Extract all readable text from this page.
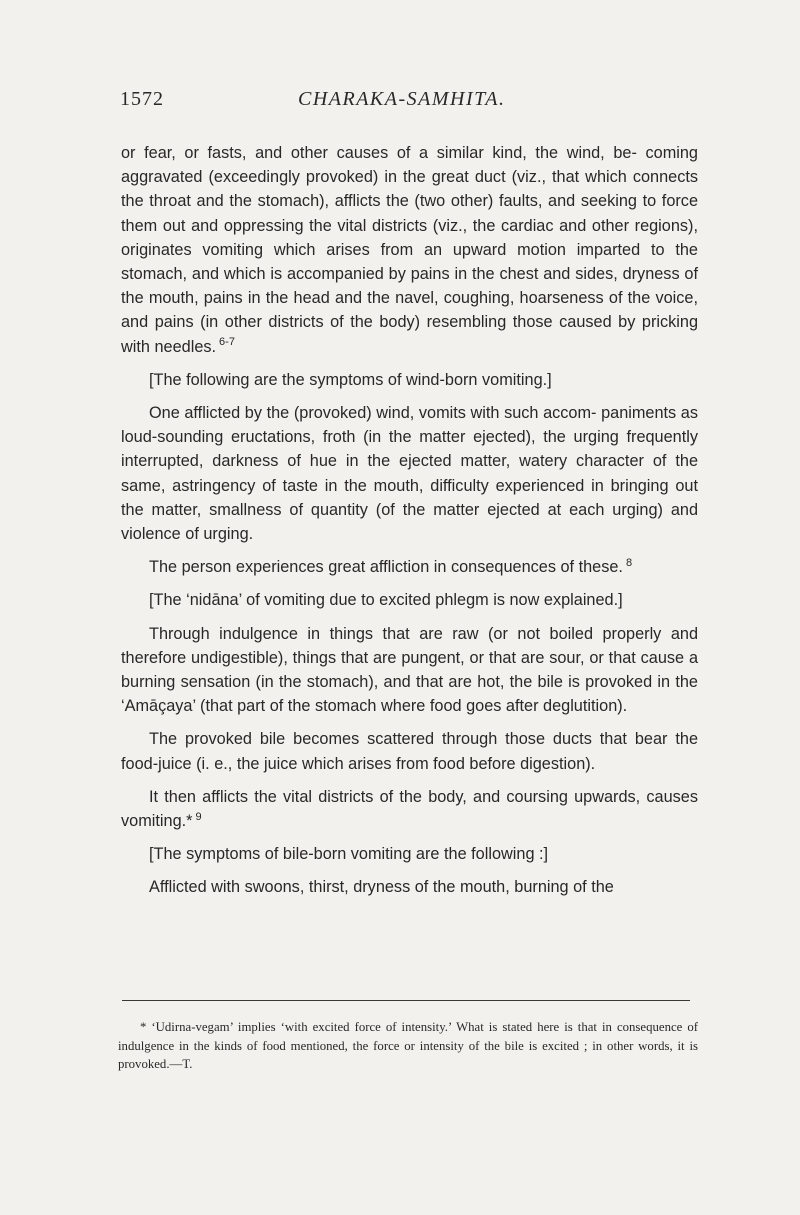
1572	CHARAKA-SAMHITA.

or fear, or fasts, and other causes of a similar kind, the wind, be- coming aggravated (exceedingly provoked) in the great duct (viz., that which connects the throat and the stomach), afflicts the (two other) faults, and seeking to force them out and oppressing the vital districts (viz., the cardiac and other regions), originates vomiting which arises from an upward motion imparted to the stomach, and which is accompanied by pains in the chest and sides, dryness of the mouth, pains in the head and the navel, coughing, hoarseness of the voice, and pains (in other districts of the body) resembling those caused by pricking with needles. $^{6-7}$

[The following are the symptoms of wind-born vomiting.]

One afflicted by the (provoked) wind, vomits with such accom- paniments as loud-sounding eructations, froth (in the matter ejected), the urging frequently interrupted, darkness of hue in the ejected matter, watery character of the same, astringency of taste in the mouth, difficulty experienced in bringing out the matter, smallness of quantity (of the matter ejected at each urging) and violence of urging.

The person experiences great affliction in consequences of these. $^8$

[The ‘nidāna’ of vomiting due to excited phlegm is now explained.]

Through indulgence in things that are raw (or not boiled properly and therefore undigestible), things that are pungent, or that are sour, or that cause a burning sensation (in the stomach), and that are hot, the bile is provoked in the ‘Amāçaya’ (that part of the stomach where food goes after deglutition).

The provoked bile becomes scattered through those ducts that bear the food-juice (i. e., the juice which arises from food before digestion).

It then afflicts the vital districts of the body, and coursing upwards, causes vomiting.* $^9$

[The symptoms of bile-born vomiting are the following :]

Afflicted with swoons, thirst, dryness of the mouth, burning of the

* ‘Udirna-vegam’ implies ‘with excited force of intensity.’ What is stated here is that in consequence of indulgence in the kinds of food mentioned, the force or intensity of the bile is excited ; in other words, it is provoked.—T.
